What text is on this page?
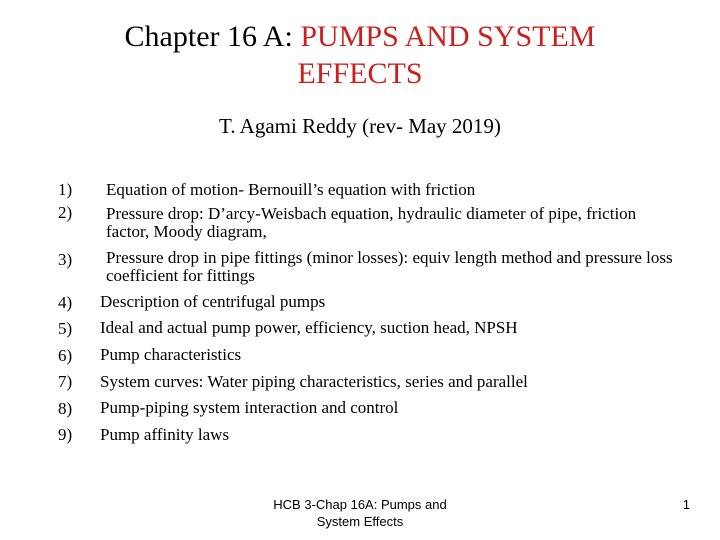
Chapter 16 A: PUMPS AND SYSTEM
EFFECTS
T. Agami Reddy (rev- May 2019)
1) Equation of motion- Bernouill’s equation with friction
2) Pressure drop: D’arcy-Weisbach equation, hydraulic diameter of pipe, friction factor, Moody diagram,
3) Pressure drop in pipe fittings (minor losses): equiv length method and pressure loss coefficient for fittings
4) Description of centrifugal pumps
5) Ideal and actual pump power, efficiency, suction head, NPSH
6) Pump characteristics
7) System curves: Water piping characteristics, series and parallel
8) Pump-piping system interaction and control
9) Pump affinity laws
HCB 3-Chap 16A: Pumps and
System Effects
1
